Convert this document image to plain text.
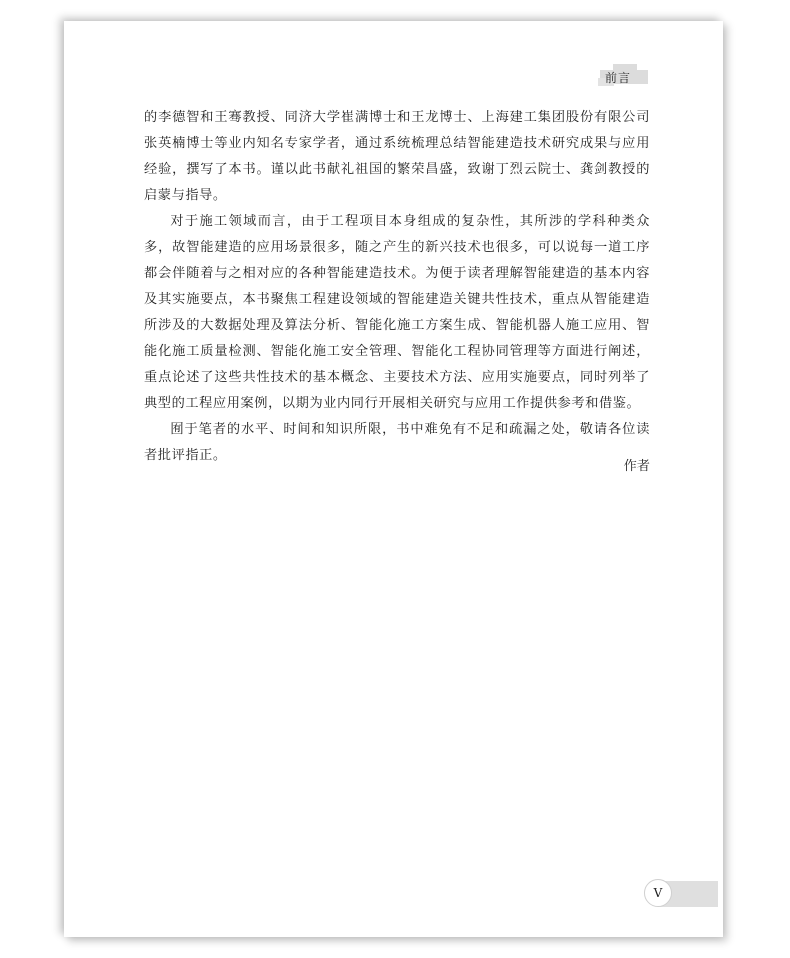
前言

的李德智和王骞教授、同济大学崔满博士和王龙博士、上海建工集团股份有限公司张英楠博士等业内知名专家学者，通过系统梳理总结智能建造技术研究成果与应用经验，撰写了本书。谨以此书献礼祖国的繁荣昌盛，致谢丁烈云院士、龚剑教授的启蒙与指导。

对于施工领域而言，由于工程项目本身组成的复杂性，其所涉的学科种类众多，故智能建造的应用场景很多，随之产生的新兴技术也很多，可以说每一道工序都会伴随着与之相对应的各种智能建造技术。为便于读者理解智能建造的基本内容及其实施要点，本书聚焦工程建设领域的智能建造关键共性技术，重点从智能建造所涉及的大数据处理及算法分析、智能化施工方案生成、智能机器人施工应用、智能化施工质量检测、智能化施工安全管理、智能化工程协同管理等方面进行阐述，重点论述了这些共性技术的基本概念、主要技术方法、应用实施要点，同时列举了典型的工程应用案例，以期为业内同行开展相关研究与应用工作提供参考和借鉴。

囿于笔者的水平、时间和知识所限，书中难免有不足和疏漏之处，敬请各位读者批评指正。

作者
V
